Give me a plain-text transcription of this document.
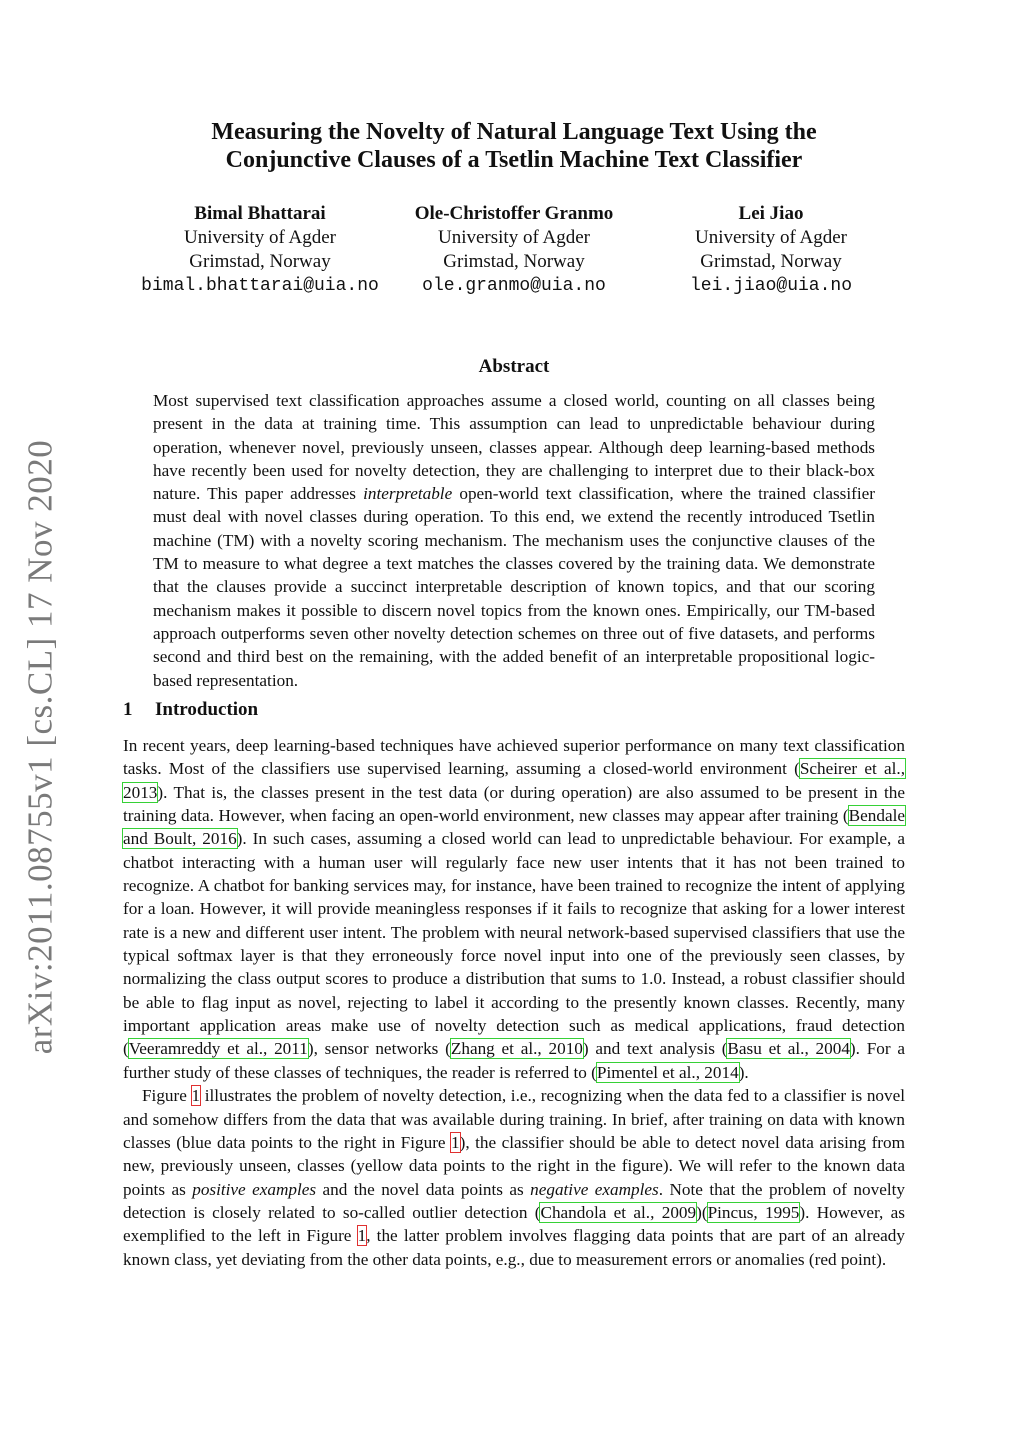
arXiv:2011.08755v1 [cs.CL] 17 Nov 2020
Measuring the Novelty of Natural Language Text Using the
Conjunctive Clauses of a Tsetlin Machine Text Classifier
Bimal Bhattarai
University of Agder
Grimstad, Norway
bimal.bhattarai@uia.no
Ole-Christoffer Granmo
University of Agder
Grimstad, Norway
ole.granmo@uia.no
Lei Jiao
University of Agder
Grimstad, Norway
lei.jiao@uia.no
Abstract

Most supervised text classification approaches assume a closed world, counting on all classes being present in the data at training time. This assumption can lead to unpredictable behaviour during operation, whenever novel, previously unseen, classes appear. Although deep learning-based methods have recently been used for novelty detection, they are challenging to interpret due to their black-box nature. This paper addresses interpretable open-world text classification, where the trained classifier must deal with novel classes during operation. To this end, we extend the recently introduced Tsetlin machine (TM) with a novelty scoring mechanism. The mechanism uses the conjunctive clauses of the TM to measure to what degree a text matches the classes covered by the training data. We demonstrate that the clauses provide a succinct interpretable description of known topics, and that our scoring mechanism makes it possible to discern novel topics from the known ones. Empirically, our TM-based approach outperforms seven other novelty detection schemes on three out of five datasets, and performs second and third best on the remaining, with the added benefit of an interpretable propositional logic-based representation.

1 Introduction

In recent years, deep learning-based techniques have achieved superior performance on many text classification tasks. Most of the classifiers use supervised learning, assuming a closed-world environment (Scheirer et al., 2013). That is, the classes present in the test data (or during operation) are also assumed to be present in the training data. However, when facing an open-world environment, new classes may appear after training (Bendale and Boult, 2016). In such cases, assuming a closed world can lead to unpredictable behaviour. For example, a chatbot interacting with a human user will regularly face new user intents that it has not been trained to recognize. A chatbot for banking services may, for instance, have been trained to recognize the intent of applying for a loan. However, it will provide meaningless responses if it fails to recognize that asking for a lower interest rate is a new and different user intent. The problem with neural network-based supervised classifiers that use the typical softmax layer is that they erroneously force novel input into one of the previously seen classes, by normalizing the class output scores to produce a distribution that sums to 1.0. Instead, a robust classifier should be able to flag input as novel, rejecting to label it according to the presently known classes. Recently, many important application areas make use of novelty detection such as medical applications, fraud detection (Veeramreddy et al., 2011), sensor networks (Zhang et al., 2010) and text analysis (Basu et al., 2004). For a further study of these classes of techniques, the reader is referred to (Pimentel et al., 2014).

Figure 1 illustrates the problem of novelty detection, i.e., recognizing when the data fed to a classifier is novel and somehow differs from the data that was available during training. In brief, after training on data with known classes (blue data points to the right in Figure 1), the classifier should be able to detect novel data arising from new, previously unseen, classes (yellow data points to the right in the figure). We will refer to the known data points as positive examples and the novel data points as negative examples. Note that the problem of novelty detection is closely related to so-called outlier detection (Chandola et al., 2009)(Pincus, 1995). However, as exemplified to the left in Figure 1, the latter problem involves flagging data points that are part of an already known class, yet deviating from the other data points, e.g., due to measurement errors or anomalies (red point).
